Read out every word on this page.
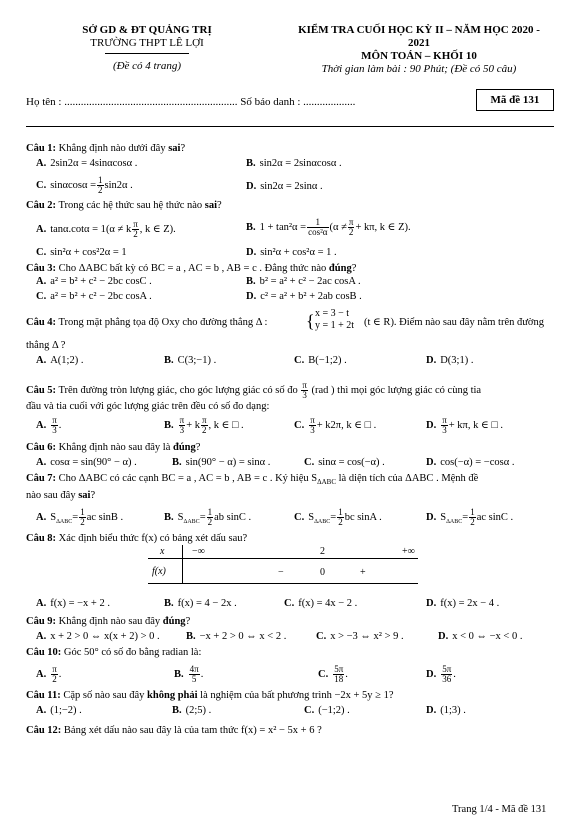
SỞ GD & ĐT QUẢNG TRỊ
TRƯỜNG THPT LÊ LỢI
(Đề có 4 trang)
KIỂM TRA CUỐI HỌC KỲ II – NĂM HỌC 2020 -
2021
MÔN TOÁN – KHỐI 10
Thời gian làm bài : 90 Phút; (Đề có 50 câu)
Họ tên : ............................................................... Số báo danh : ...................	Mã đề 131

Câu 1: Khẳng định nào dưới đây sai?

A. 2sin2α = 4sinαcosα .	B. sin2α = 2sinαcosα .
C. $\sin\alpha\cos\alpha = \frac{1}{2} \sin 2\alpha$ .	D. sin2α = 2sinα .

Câu 2: Trong các hệ thức sau hệ thức nào sai?

A. tanα.cotα = 1(α ≠ k $\frac{\pi}{2}$ , k ∈ Z).	B. $1 + \tan^2\alpha = \frac{1}{\text{cos²α}} (\alpha \ne \frac{\pi}{2} + k\pi$, k ∈ Z).
C. sin²α + cos²2α = 1	D. sin²α + cos²α = 1 .

Câu 3: Cho ΔABC bất kỳ có BC = a , AC = b , AB = c . Đẳng thức nào đúng?

A. a² = b² + c² − 2bc cosC .	B. b² = a² + c² − 2ac cosA .
C. a² = b² + c² − 2bc cosA .	D. c² = a² + b² + 2ab cosB .
Câu 4: Trong mặt phẳng tọa độ Oxy cho đường thẳng Δ : { x = 3 − t
y = 1 + 2t (t ∈ R). Điểm nào sau đây nằm trên đường

thẳng Δ ?

A. A(1;2) .	B. C(3;−1) .	C. B(−1;2) .	D. D(3;1) .
Câu 5: Trên đường tròn lượng giác, cho góc lượng giác có số đo $\frac{\pi}{3} (rad$ ) thì mọi góc lượng giác có cùng tia

đầu và tia cuối với góc lượng giác trên đều có số đo dạng:

A. $\frac{\pi}{3}$ .	B. $\frac{\pi}{3} + k \frac{\pi}{2}$ , k ∈ □ .	C. $\frac{\pi}{3} + k2\pi$, k ∈ □ .	D. $\frac{\pi}{3} + k\pi$, k ∈ □ .

Câu 6: Khẳng định nào sau đây là đúng?

A. cosα = sin(90° − α) .	B. sin(90° − α) = sinα .	C. sinα = cos(−α) .	D. cos(−α) = −cosα .

Câu 7: Cho ΔABC có các cạnh BC = a , AC = b , AB = c . Ký hiệu $S_{\Delta ABC}$ là diện tích của ΔABC . Mệnh đề

nào sau đây sai?

A. $S_{\Delta ABC}= \frac{1}{2}$ ac sinB .	B. $S_{\Delta ABC}= \frac{1}{2}$ ab sinC .	C. $S_{\Delta ABC}= \frac{1}{2}$ bc sinA .	D. $S_{\Delta ABC}= \frac{1}{2}$ ac sinC .

Câu 8: Xác định biểu thức f(x) có bảng xét dấu sau?

x	−∞	2	+∞
f(x)	−	0	+
A. f(x) = −x + 2 .	B. f(x) = 4 − 2x .	C. f(x) = 4x − 2 .	D. f(x) = 2x − 4 .

Câu 9: Khẳng định nào sau đây đúng?

A. x + 2 > 0 ⇔ x(x + 2) > 0 .	B. −x + 2 > 0 ⇔ x < 2 .	C. x > −3 ⇔ x² > 9 .	D. x < 0 ⇔ −x < 0 .

Câu 10: Góc 50° có số đo bằng radian là:

A. $\frac{\pi}{2}$ .	B. $\frac{4\pi}{5}$ .	C. $\frac{5\pi}{18}$ .	D. $\frac{5\pi}{36}$ .

Câu 11: Cặp số nào sau đây không phải là nghiệm của bất phương trình −2x + 5y ≥ 1?

A. (1;−2) .	B. (2;5) .	C. (−1;2) .	D. (1;3) .

Câu 12: Bảng xét dấu nào sau đây là của tam thức f(x) = x² − 5x + 6 ?

Trang 1/4 - Mã đề 131
